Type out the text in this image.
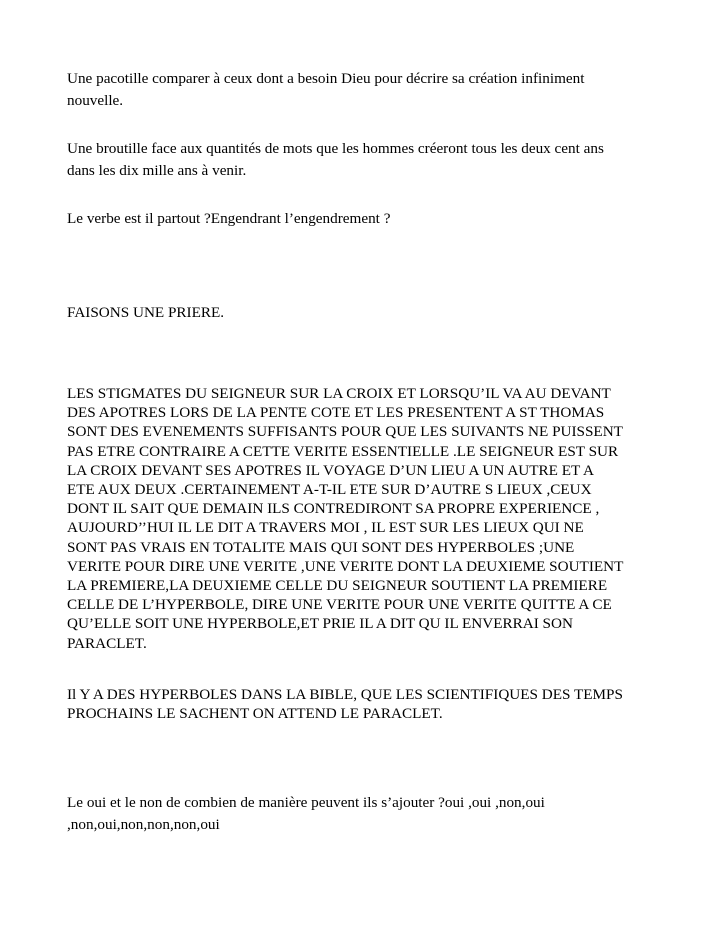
Une pacotille comparer à ceux dont a besoin Dieu pour décrire sa création infiniment
nouvelle.

Une broutille face aux quantités de mots que les hommes créeront tous les deux cent ans
dans les dix mille ans à venir.

Le verbe est il partout ?Engendrant l’engendrement ?

FAISONS UNE PRIERE.

LES STIGMATES DU SEIGNEUR SUR LA CROIX ET LORSQU’IL VA AU DEVANT
DES APOTRES LORS DE LA PENTE COTE ET LES PRESENTENT A ST THOMAS
SONT DES EVENEMENTS SUFFISANTS POUR QUE LES SUIVANTS NE PUISSENT
PAS ETRE CONTRAIRE A CETTE VERITE ESSENTIELLE .LE SEIGNEUR EST SUR
LA CROIX DEVANT SES APOTRES IL VOYAGE D’UN LIEU A UN AUTRE ET A
ETE AUX DEUX .CERTAINEMENT A-T-IL ETE SUR D’AUTRE S LIEUX ,CEUX
DONT IL SAIT QUE DEMAIN ILS CONTREDIRONT SA PROPRE EXPERIENCE ,
AUJOURD’’HUI IL LE DIT A TRAVERS MOI , IL EST SUR LES LIEUX QUI NE
SONT PAS VRAIS EN TOTALITE MAIS QUI SONT DES HYPERBOLES ;UNE
VERITE POUR DIRE UNE VERITE ,UNE VERITE DONT LA DEUXIEME SOUTIENT
LA PREMIERE,LA DEUXIEME CELLE DU SEIGNEUR SOUTIENT LA PREMIERE
CELLE DE L’HYPERBOLE, DIRE UNE VERITE POUR UNE VERITE QUITTE A CE
QU’ELLE SOIT UNE HYPERBOLE,ET PRIE IL A DIT QU IL ENVERRAI SON
PARACLET.

Il Y A DES HYPERBOLES DANS LA BIBLE, QUE LES SCIENTIFIQUES DES TEMPS
PROCHAINS LE SACHENT ON ATTEND LE PARACLET.

Le oui et le non de combien de manière peuvent ils s’ajouter ?oui ,oui ,non,oui
,non,oui,non,non,non,oui
